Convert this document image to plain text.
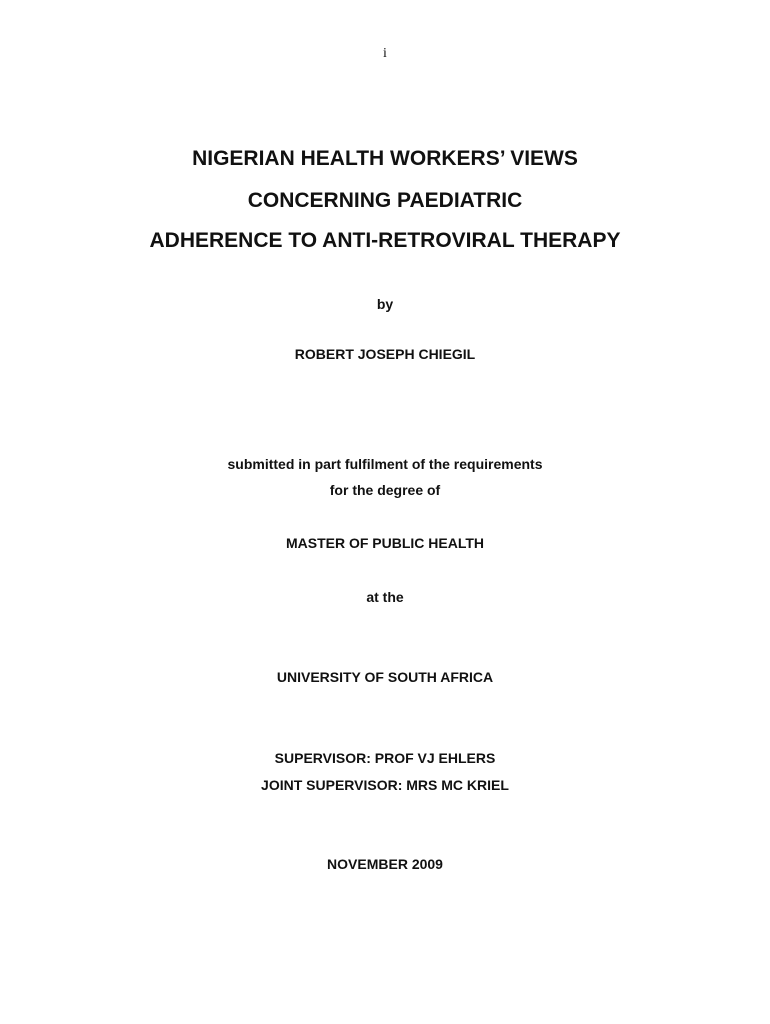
i
NIGERIAN HEALTH WORKERS’ VIEWS
CONCERNING PAEDIATRIC
ADHERENCE TO ANTI-RETROVIRAL THERAPY
by
ROBERT JOSEPH CHIEGIL
submitted in part fulfilment of the requirements
for the degree of
MASTER OF PUBLIC HEALTH
at the
UNIVERSITY OF SOUTH AFRICA
SUPERVISOR: PROF VJ EHLERS
JOINT SUPERVISOR: MRS MC KRIEL
NOVEMBER 2009
